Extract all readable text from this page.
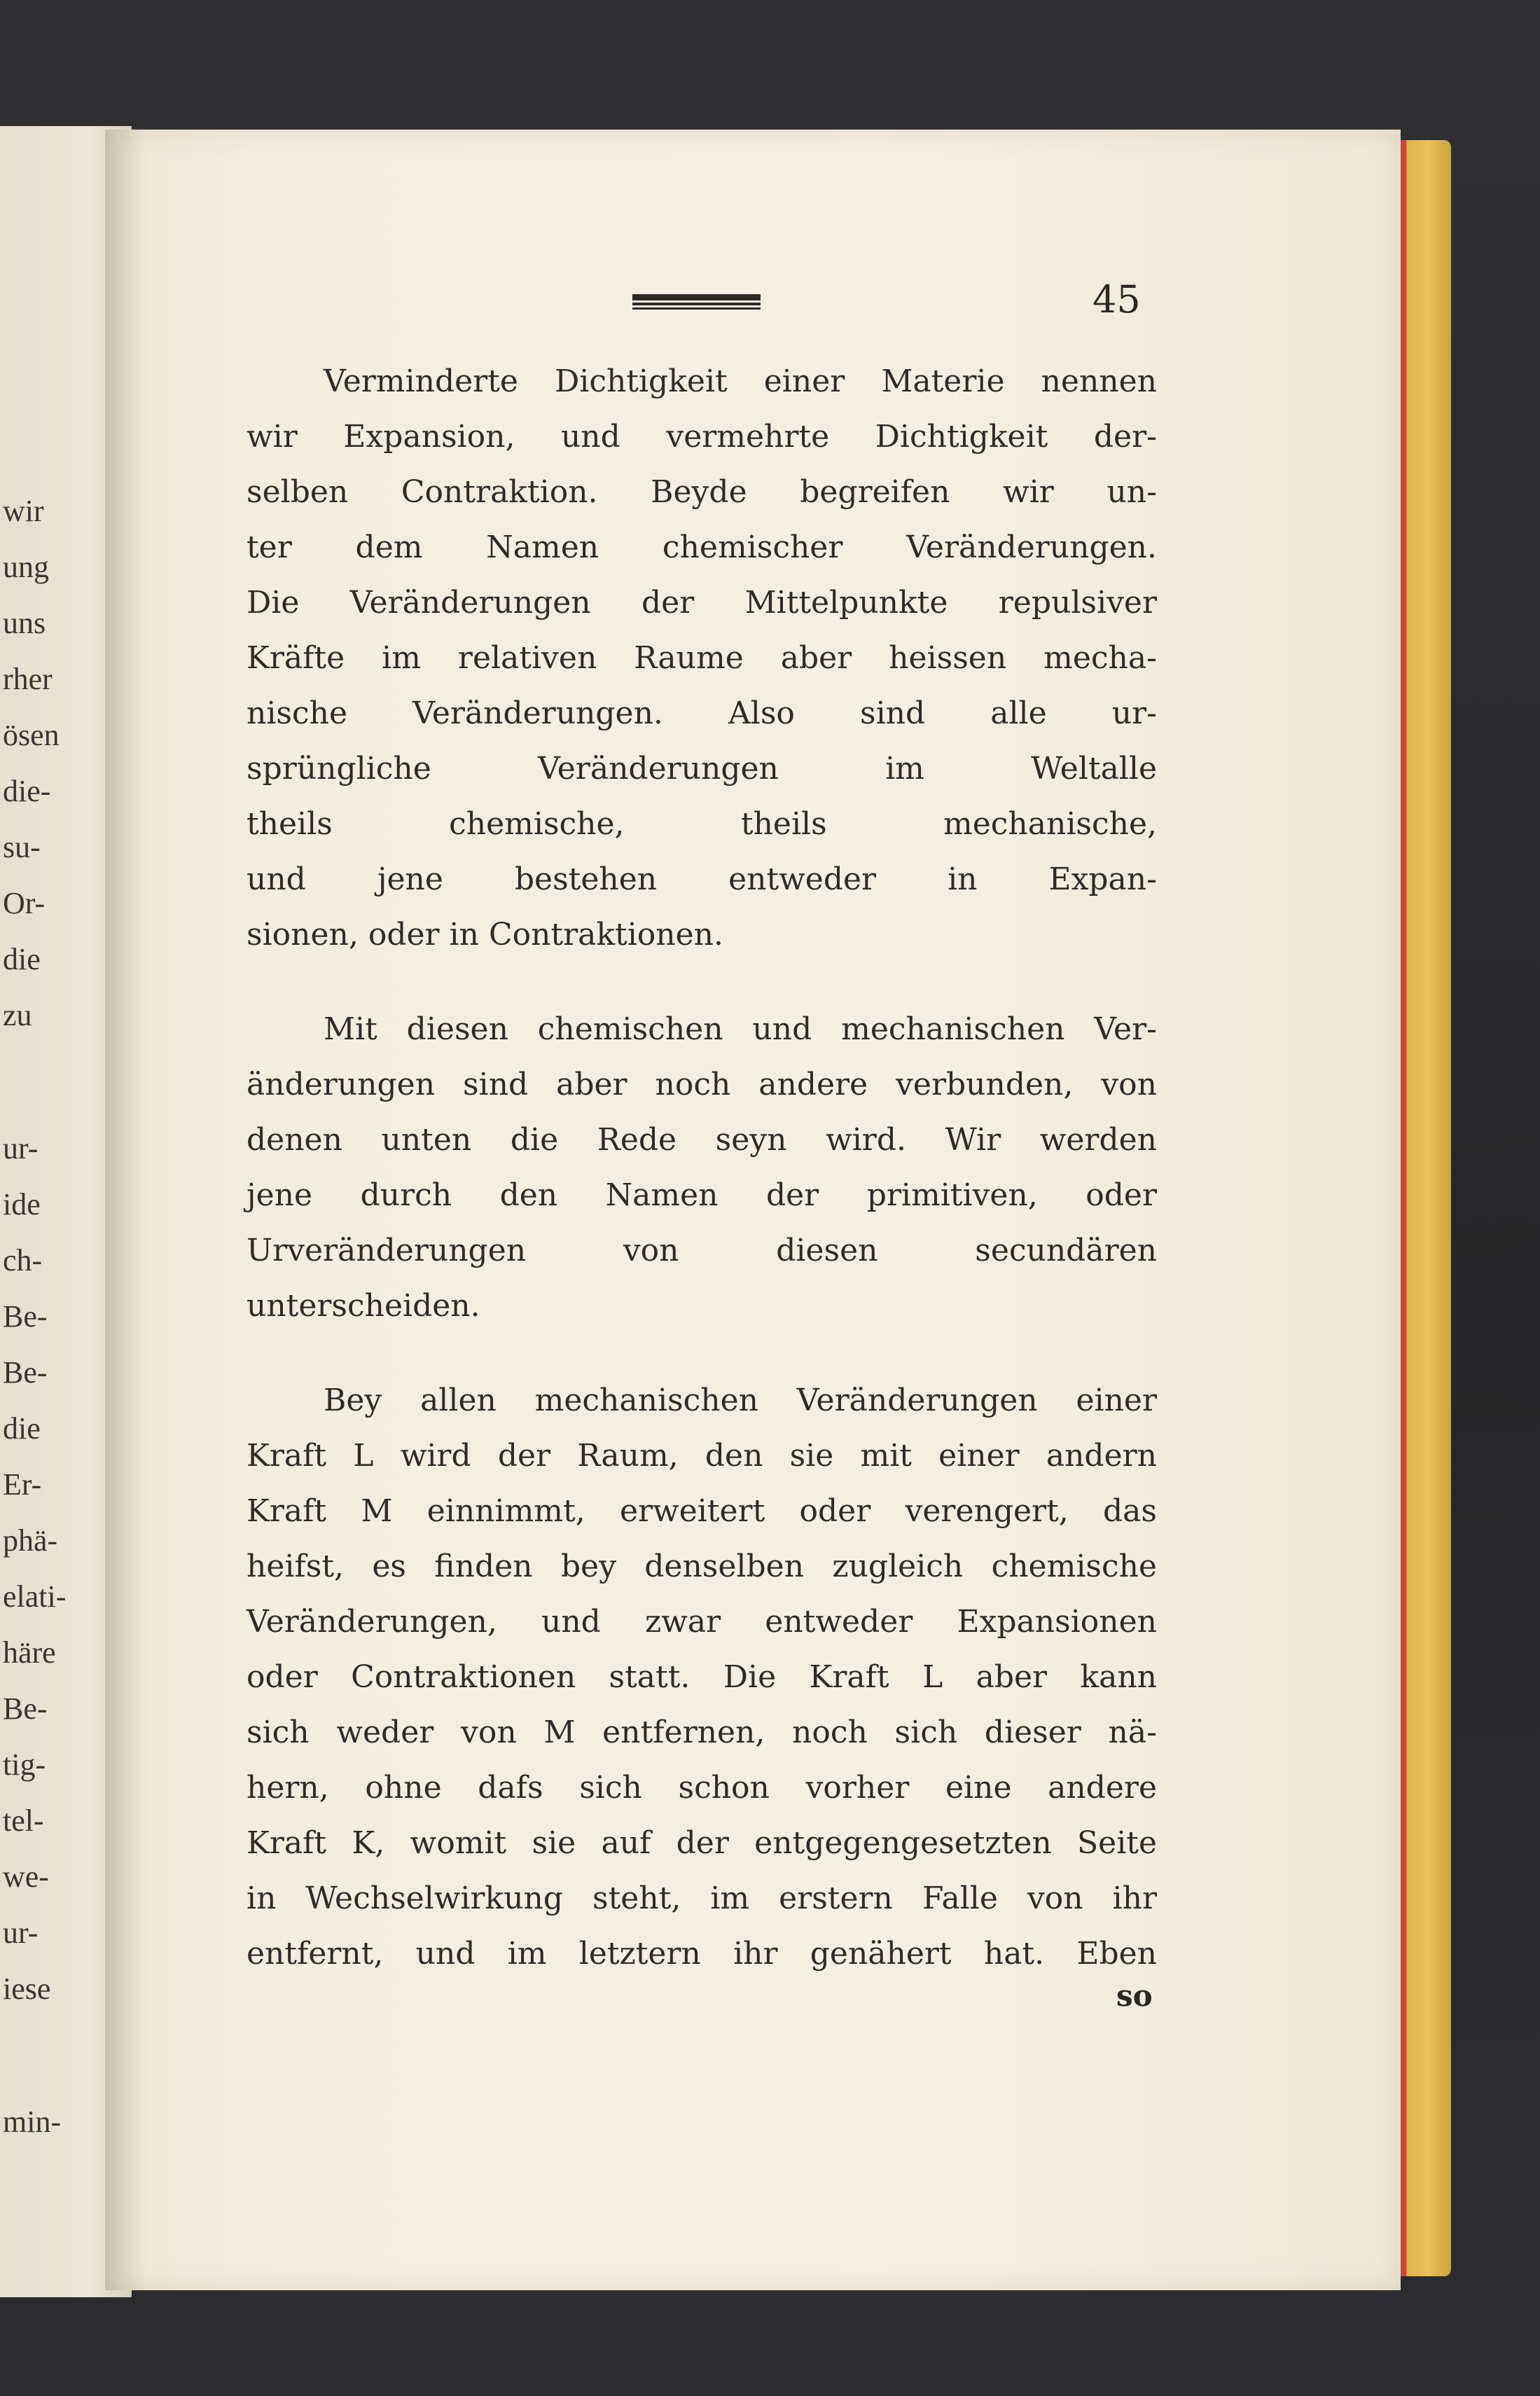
wir
ung
uns
rher
ösen
die-
su-
Or-
die
zu
ur-
ide
ch-
Be-
Be-
die
Er-
phä-
elati-
häre
Be-
tig-
tel-
we-
ur-
iese
min-
45
Verminderte Dichtigkeit einer Materie nennen
wir Expansion, und vermehrte Dichtigkeit der-
selben Contraktion. Beyde begreifen wir un-
ter dem Namen chemischer Veränderungen.
Die Veränderungen der Mittelpunkte repulsiver
Kräfte im relativen Raume aber heissen mecha-
nische Veränderungen. Also sind alle ur-
sprüngliche Veränderungen im Weltalle
theils chemische, theils mechanische,
und jene bestehen entweder in Expan-
sionen, oder in Contraktionen.
Mit diesen chemischen und mechanischen Ver-
änderungen sind aber noch andere verbunden, von
denen unten die Rede seyn wird. Wir werden
jene durch den Namen der primitiven, oder
Urveränderungen von diesen secundären
unterscheiden.
Bey allen mechanischen Veränderungen einer
Kraft L wird der Raum, den sie mit einer andern
Kraft M einnimmt, erweitert oder verengert, das
heifst, es finden bey denselben zugleich chemische
Veränderungen, und zwar entweder Expansionen
oder Contraktionen statt. Die Kraft L aber kann
sich weder von M entfernen, noch sich dieser nä-
hern, ohne dafs sich schon vorher eine andere
Kraft K, womit sie auf der entgegengesetzten Seite
in Wechselwirkung steht, im erstern Falle von ihr
entfernt, und im letztern ihr genähert hat. Eben
so
